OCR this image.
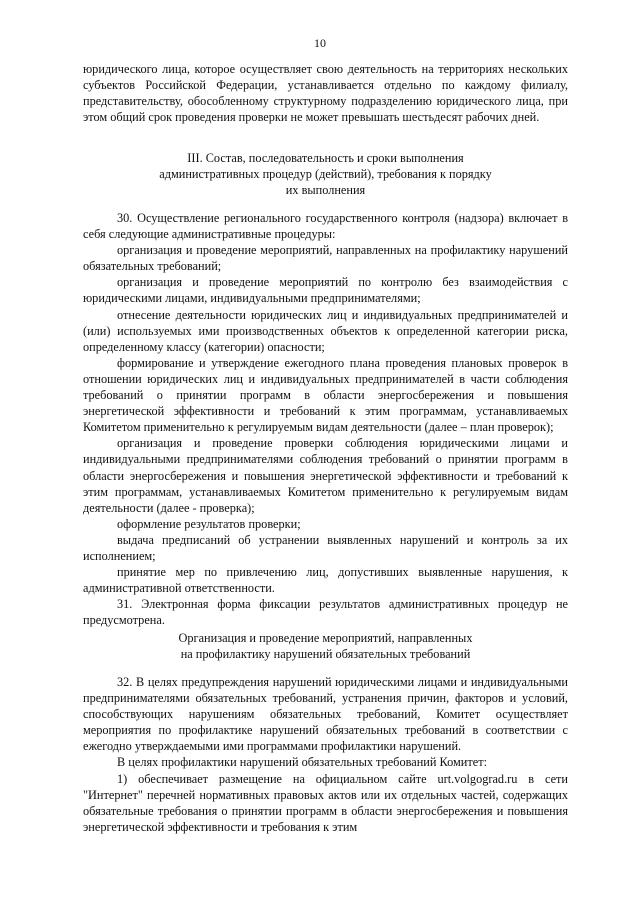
10

юридического лица, которое осуществляет свою деятельность на территориях нескольких субъектов Российской Федерации, устанавливается отдельно по каждому филиалу, представительству, обособленному структурному подразделению юридического лица, при этом общий срок проведения проверки не может превышать шестьдесят рабочих дней.

III. Состав, последовательность и сроки выполнения
административных процедур (действий), требования к порядку
их выполнения

30. Осуществление регионального государственного контроля (надзора) включает в себя следующие административные процедуры:

организация и проведение мероприятий, направленных на профилактику нарушений обязательных требований;

организация и проведение мероприятий по контролю без взаимодействия с юридическими лицами, индивидуальными предпринимателями;

отнесение деятельности юридических лиц и индивидуальных предпринимателей и (или) используемых ими производственных объектов к определенной категории риска, определенному классу (категории) опасности;

формирование и утверждение ежегодного плана проведения плановых проверок в отношении юридических лиц и индивидуальных предпринимателей в части соблюдения требований о принятии программ в области энергосбережения и повышения энергетической эффективности и требований к этим программам, устанавливаемых Комитетом применительно к регулируемым видам деятельности (далее – план проверок);

организация и проведение проверки соблюдения юридическими лицами и индивидуальными предпринимателями соблюдения требований о принятии программ в области энергосбережения и повышения энергетической эффективности и требований к этим программам, устанавливаемых Комитетом применительно к регулируемым видам деятельности (далее - проверка);

оформление результатов проверки;

выдача предписаний об устранении выявленных нарушений и контроль за их исполнением;

принятие мер по привлечению лиц, допустивших выявленные нарушения, к административной ответственности.

31. Электронная форма фиксации результатов административных процедур не предусмотрена.

Организация и проведение мероприятий, направленных
на профилактику нарушений обязательных требований

32. В целях предупреждения нарушений юридическими лицами и индивидуальными предпринимателями обязательных требований, устранения причин, факторов и условий, способствующих нарушениям обязательных требований, Комитет осуществляет мероприятия по профилактике нарушений обязательных требований в соответствии с ежегодно утверждаемыми ими программами профилактики нарушений.

В целях профилактики нарушений обязательных требований Комитет:

1) обеспечивает размещение на официальном сайте urt.volgograd.ru в сети "Интернет" перечней нормативных правовых актов или их отдельных частей, содержащих обязательные требования о принятии программ в области энергосбережения и повышения энергетической эффективности и требования к этим
